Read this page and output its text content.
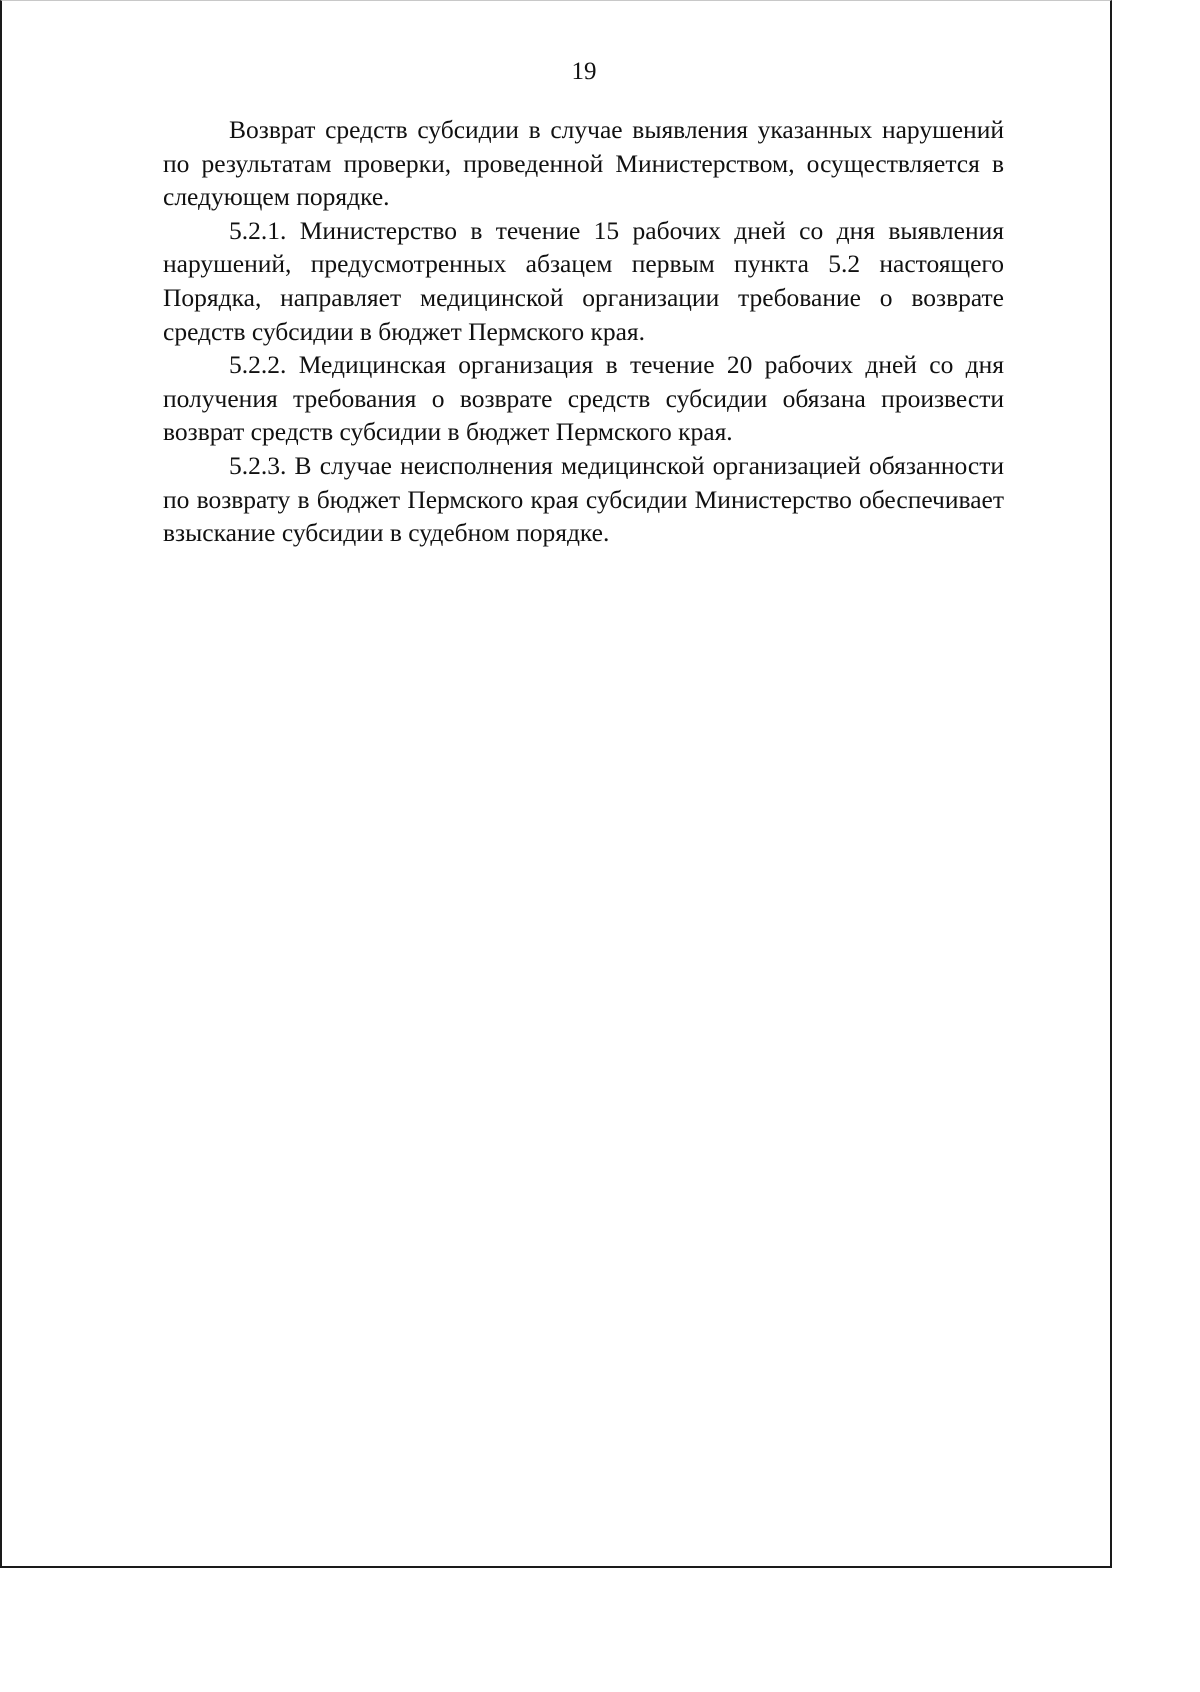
19

Возврат средств субсидии в случае выявления указанных нарушений по результатам проверки, проведенной Министерством, осуществляется в следующем порядке.

5.2.1. Министерство в течение 15 рабочих дней со дня выявления нарушений, предусмотренных абзацем первым пункта 5.2 настоящего Порядка, направляет медицинской организации требование о возврате средств субсидии в бюджет Пермского края.

5.2.2. Медицинская организация в течение 20 рабочих дней со дня получения требования о возврате средств субсидии обязана произвести возврат средств субсидии в бюджет Пермского края.

5.2.3. В случае неисполнения медицинской организацией обязанности по возврату в бюджет Пермского края субсидии Министерство обеспечивает взыскание субсидии в судебном порядке.
